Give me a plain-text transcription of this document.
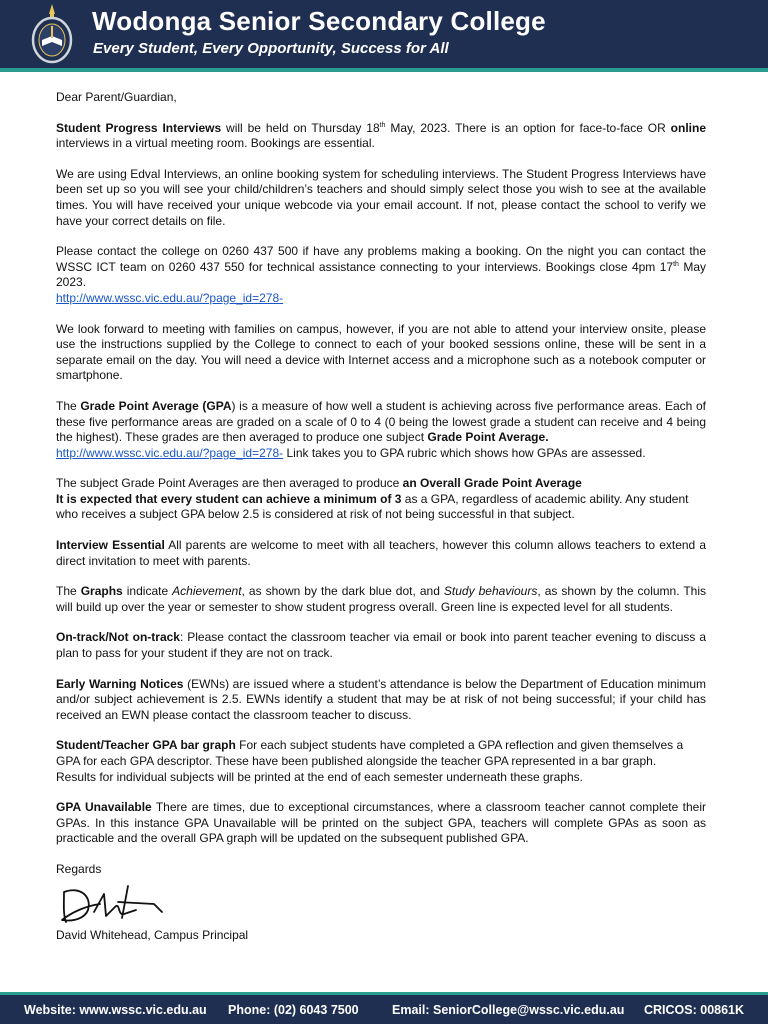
Wodonga Senior Secondary College
Every Student, Every Opportunity, Success for All

Dear Parent/Guardian,

Student Progress Interviews will be held on Thursday 18th May, 2023. There is an option for face-to-face OR online interviews in a virtual meeting room. Bookings are essential.

We are using Edval Interviews, an online booking system for scheduling interviews. The Student Progress Interviews have been set up so you will see your child/children’s teachers and should simply select those you wish to see at the available times. You will have received your unique webcode via your email account. If not, please contact the school to verify we have your correct details on file.

Please contact the college on 0260 437 500 if have any problems making a booking. On the night you can contact the WSSC ICT team on 0260 437 550 for technical assistance connecting to your interviews. Bookings close 4pm 17th May 2023.
http://www.wssc.vic.edu.au/?page_id=278-

We look forward to meeting with families on campus, however, if you are not able to attend your interview onsite, please use the instructions supplied by the College to connect to each of your booked sessions online, these will be sent in a separate email on the day. You will need a device with Internet access and a microphone such as a notebook computer or smartphone.

The Grade Point Average (GPA) is a measure of how well a student is achieving across five performance areas. Each of these five performance areas are graded on a scale of 0 to 4 (0 being the lowest grade a student can receive and 4 being the highest). These grades are then averaged to produce one subject Grade Point Average.
http://www.wssc.vic.edu.au/?page_id=278- Link takes you to GPA rubric which shows how GPAs are assessed.

The subject Grade Point Averages are then averaged to produce an Overall Grade Point Average
It is expected that every student can achieve a minimum of 3 as a GPA, regardless of academic ability. Any student who receives a subject GPA below 2.5 is considered at risk of not being successful in that subject.

Interview Essential All parents are welcome to meet with all teachers, however this column allows teachers to extend a direct invitation to meet with parents.

The Graphs indicate Achievement, as shown by the dark blue dot, and Study behaviours, as shown by the column. This will build up over the year or semester to show student progress overall. Green line is expected level for all students.

On-track/Not on-track: Please contact the classroom teacher via email or book into parent teacher evening to discuss a plan to pass for your student if they are not on track.

Early Warning Notices (EWNs) are issued where a student’s attendance is below the Department of Education minimum and/or subject achievement is 2.5. EWNs identify a student that may be at risk of not being successful; if your child has received an EWN please contact the classroom teacher to discuss.

Student/Teacher GPA bar graph For each subject students have completed a GPA reflection and given themselves a GPA for each GPA descriptor. These have been published alongside the teacher GPA represented in a bar graph.
Results for individual subjects will be printed at the end of each semester underneath these graphs.

GPA Unavailable There are times, due to exceptional circumstances, where a classroom teacher cannot complete their GPAs. In this instance GPA Unavailable will be printed on the subject GPA, teachers will complete GPAs as soon as practicable and the overall GPA graph will be updated on the subsequent published GPA.

Regards

David Whitehead, Campus Principal

Website: www.wssc.vic.edu.au Phone: (02) 6043 7500	Email: SeniorCollege@wssc.vic.edu.au CRICOS: 00861K
